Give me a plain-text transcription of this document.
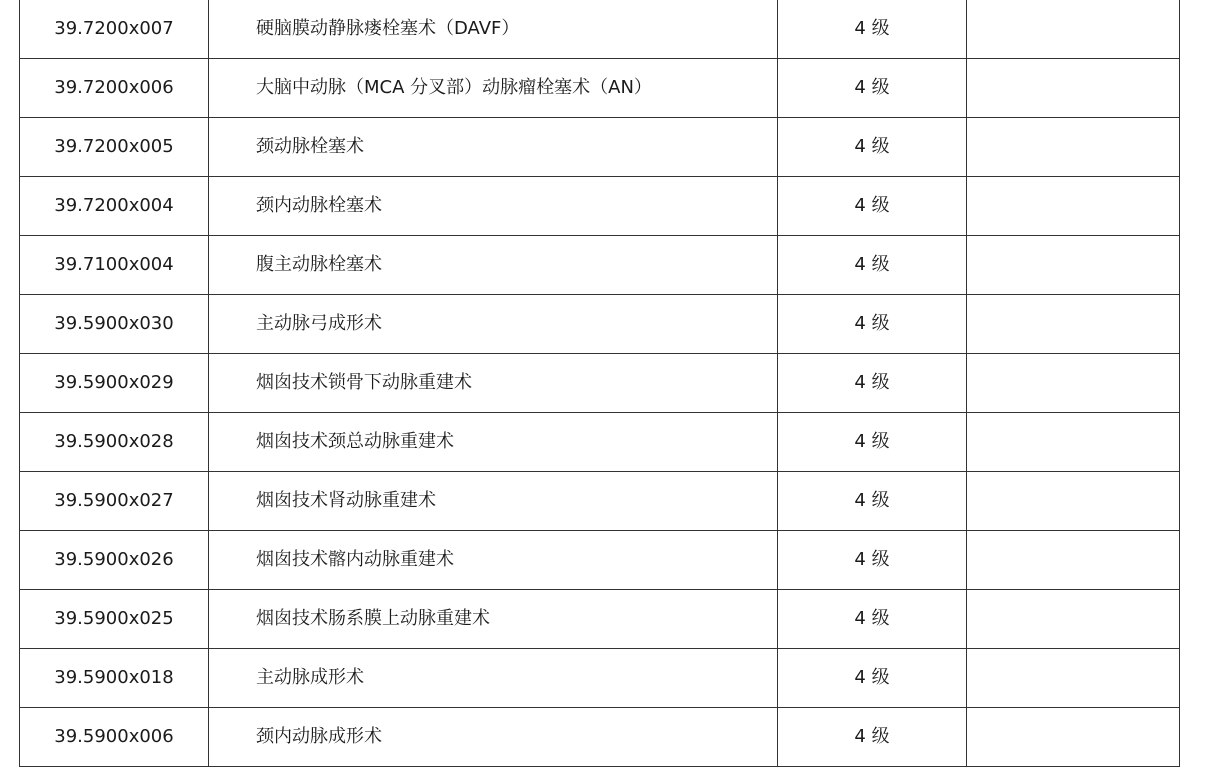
39.7200x007	硬脑膜动静脉瘘栓塞术（DAVF）	4 级	
39.7200x006	大脑中动脉（MCA 分叉部）动脉瘤栓塞术（AN）	4 级	
39.7200x005	颈动脉栓塞术	4 级	
39.7200x004	颈内动脉栓塞术	4 级	
39.7100x004	腹主动脉栓塞术	4 级	
39.5900x030	主动脉弓成形术	4 级	
39.5900x029	烟囱技术锁骨下动脉重建术	4 级	
39.5900x028	烟囱技术颈总动脉重建术	4 级	
39.5900x027	烟囱技术肾动脉重建术	4 级	
39.5900x026	烟囱技术髂内动脉重建术	4 级	
39.5900x025	烟囱技术肠系膜上动脉重建术	4 级	
39.5900x018	主动脉成形术	4 级	
39.5900x006	颈内动脉成形术	4 级	
